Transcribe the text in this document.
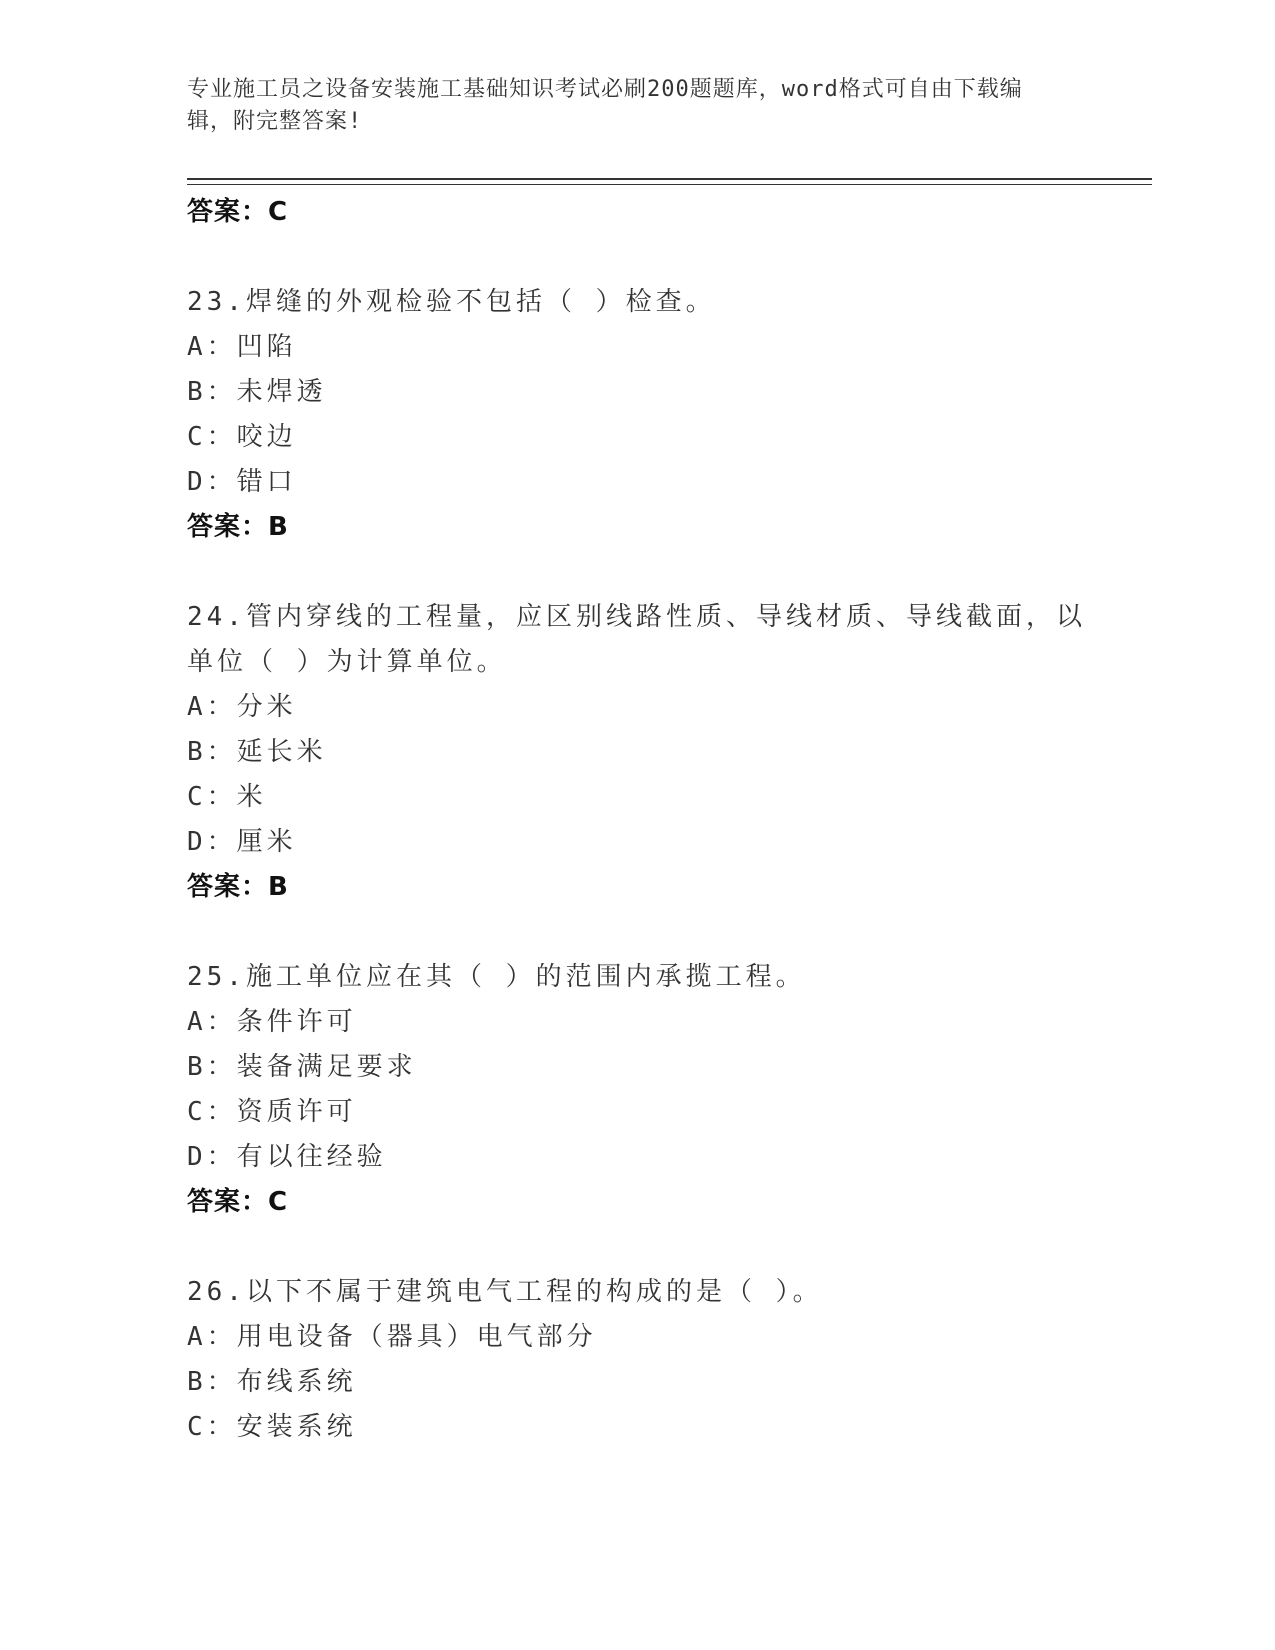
专业施工员之设备安装施工基础知识考试必刷200题题库，word格式可自由下载编辑，附完整答案!
答案：C
23.焊缝的外观检验不包括（ ）检查。
A：凹陷
B：未焊透
C：咬边
D：错口
答案：B
24.管内穿线的工程量，应区别线路性质、导线材质、导线截面，以单位（ ）为计算单位。
A：分米
B：延长米
C：米
D：厘米
答案：B
25.施工单位应在其（ ）的范围内承揽工程。
A：条件许可
B：装备满足要求
C：资质许可
D：有以往经验
答案：C
26.以下不属于建筑电气工程的构成的是（ ）。
A：用电设备（器具）电气部分
B：布线系统
C：安装系统
